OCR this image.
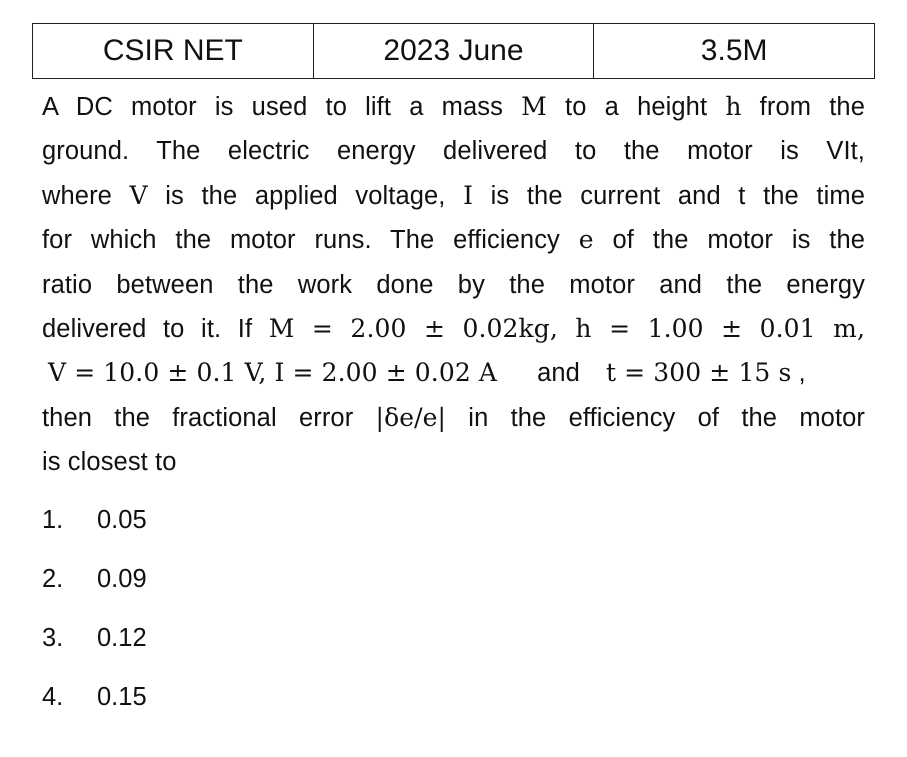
CSIR NET	2023 June	3.5M
A DC motor is used to lift a mass M to a height h from the
ground. The electric energy delivered to the motor is VIt,
where V is the applied voltage, I is the current and t the time
for which the motor runs. The efficiency e of the motor is the
ratio between the work done by the motor and the energy
delivered to it. If M = 2.00 ± 0.02kg, h = 1.00 ± 0.01 m,
V = 10.0 ± 0.1 V, I = 2.00 ± 0.02 A and t = 300 ± 15 s ,
then the fractional error |δe/e| in the efficiency of the motor
is closest to
1.	0.05
2.	0.09
3.	0.12
4.	0.15
